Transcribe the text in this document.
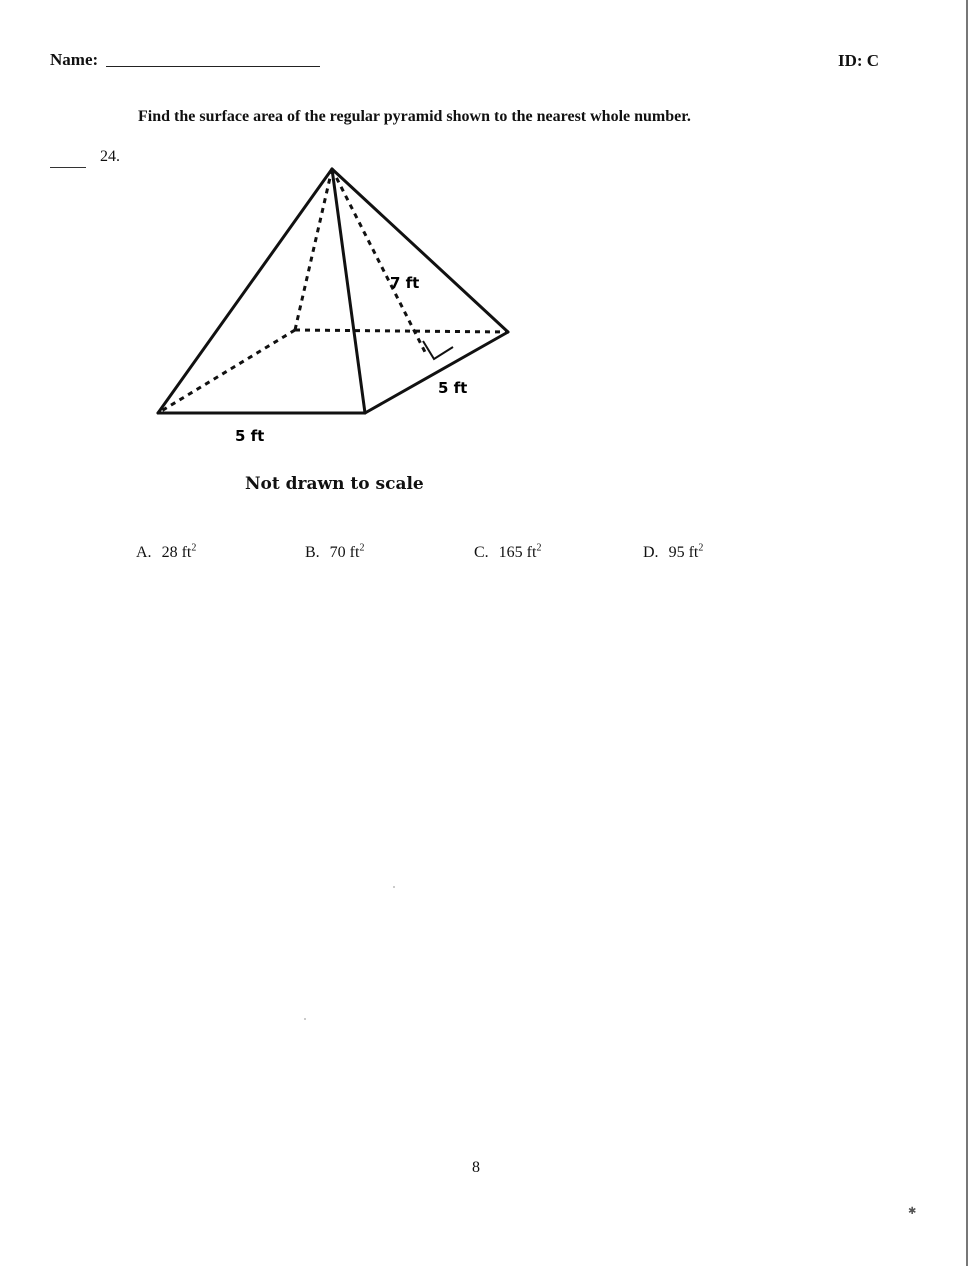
Name:	ID: C
Find the surface area of the regular pyramid shown to the nearest whole number.
24.
7 ft
5 ft
5 ft
Not drawn to scale
A. 28 $ft^2$	B. 70 $ft^2$	C. 165 $ft^2$	D. 95 $ft^2$
8
✱
